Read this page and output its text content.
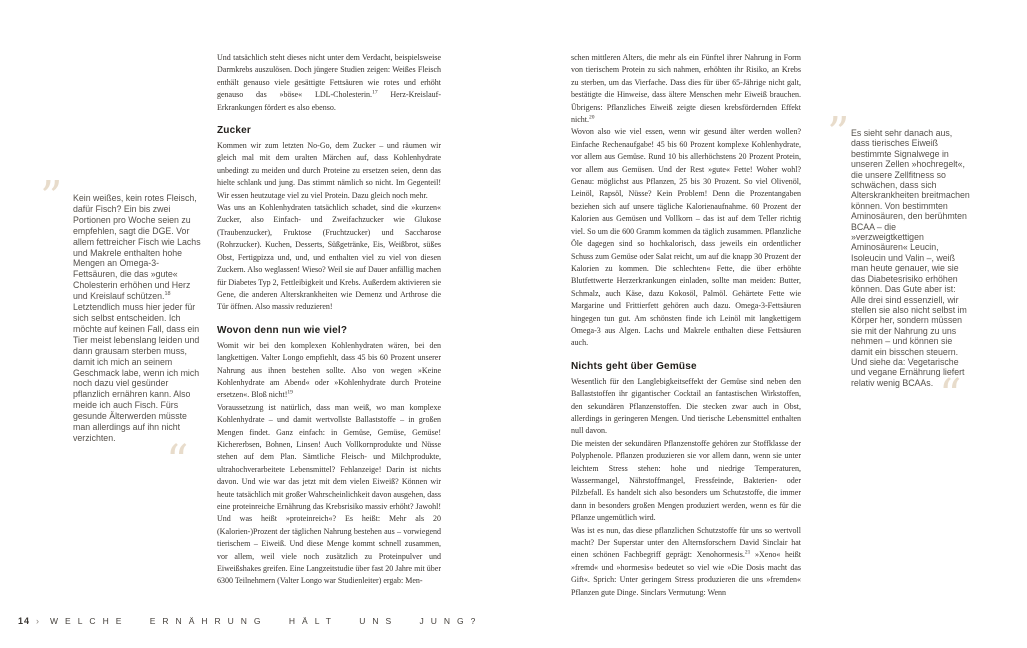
” Kein weißes, kein rotes Fleisch, dafür Fisch? Ein bis zwei Portionen pro Woche seien zu empfehlen, sagt die DGE. Vor allem fettreicher Fisch wie Lachs und Makrele enthalten hohe Mengen an Omega-3-Fettsäuren, die das »gute« Cholesterin erhöhen und Herz und Kreislauf schützen.$^{18}$ Letztendlich muss hier jeder für sich selbst entscheiden. Ich möchte auf keinen Fall, dass ein Tier meist lebenslang leiden und dann grausam sterben muss, damit ich mich an seinem Geschmack labe, wenn ich mich noch dazu viel gesünder pflanzlich ernähren kann. Also meide ich auch Fisch. Fürs gesunde Älterwerden müsste man allerdings auf ihn nicht verzichten.	“

Und tatsächlich steht dieses nicht unter dem Verdacht, beispielsweise Darmkrebs auszulösen. Doch jüngere Studien zeigen: Weißes Fleisch enthält genauso viele gesättigte Fettsäuren wie rotes und erhöht genauso das »böse« LDL-Cholesterin.$^{17}$ Herz-Kreislauf-Erkrankungen fördert es also ebenso.

Zucker

Kommen wir zum letzten No-Go, dem Zucker – und räumen wir gleich mal mit dem uralten Märchen auf, dass Kohlenhydrate unbedingt zu meiden und durch Proteine zu ersetzen seien, denn das hielte schlank und jung. Das stimmt nämlich so nicht. Im Gegenteil! Wir essen heutzutage viel zu viel Protein. Dazu gleich noch mehr.

Was uns an Kohlenhydraten tatsächlich schadet, sind die »kurzen« Zucker, also Einfach- und Zweifachzucker wie Glukose (Traubenzucker), Fruktose (Fruchtzucker) und Saccharose (Rohrzucker). Kuchen, Desserts, Süßgetränke, Eis, Weißbrot, süßes Obst, Fertigpizza und, und, und enthalten viel zu viel von diesen Zuckern. Also weglassen! Wieso? Weil sie auf Dauer anfällig machen für Diabetes Typ 2, Fettleibigkeit und Krebs. Außerdem aktivieren sie Gene, die anderen Alterskrankheiten wie Demenz und Arthrose die Tür öffnen. Also massiv reduzieren!

Wovon denn nun wie viel?

Womit wir bei den komplexen Kohlenhydraten wären, bei den langkettigen. Valter Longo empfiehlt, dass 45 bis 60 Prozent unserer Nahrung aus ihnen bestehen sollte. Also von wegen »Keine Kohlenhydrate am Abend« oder »Kohlenhydrate durch Proteine ersetzen«. Bloß nicht!$^{19}$

Voraussetzung ist natürlich, dass man weiß, wo man komplexe Kohlenhydrate – und damit wertvollste Ballaststoffe – in großen Mengen findet. Ganz einfach: in Gemüse, Gemüse, Gemüse! Kichererbsen, Bohnen, Linsen! Auch Vollkornprodukte und Nüsse stehen auf dem Plan. Sämtliche Fleisch- und Milchprodukte, ultrahochverarbeitete Lebensmittel? Fehlanzeige! Darin ist nichts davon. Und wie war das jetzt mit dem vielen Eiweiß? Können wir heute tatsächlich mit großer Wahrscheinlichkeit davon ausgehen, dass eine proteinreiche Ernährung das Krebsrisiko massiv erhöht? Jawohl! Und was heißt »proteinreich«? Es heißt: Mehr als 20 (Kalorien-)Prozent der täglichen Nahrung bestehen aus – vorwiegend tierischem – Eiweiß. Und diese Menge kommt schnell zusammen, vor allem, weil viele noch zusätzlich zu Proteinpulver und Eiweißshakes greifen. Eine Langzeitstudie über fast 20 Jahre mit über 6300 Teilnehmern (Valter Longo war Studienleiter) ergab: Men-

schen mittleren Alters, die mehr als ein Fünftel ihrer Nahrung in Form von tierischem Protein zu sich nahmen, erhöhten ihr Risiko, an Krebs zu sterben, um das Vierfache. Dass dies für über 65-Jährige nicht galt, bestätigte die Hinweise, dass ältere Menschen mehr Eiweiß brauchen. Übrigens: Pflanzliches Eiweiß zeigte diesen krebsfördernden Effekt nicht.$^{20}$

Wovon also wie viel essen, wenn wir gesund älter werden wollen? Einfache Rechenaufgabe! 45 bis 60 Prozent komplexe Kohlenhydrate, vor allem aus Gemüse. Rund 10 bis allerhöchstens 20 Prozent Protein, vor allem aus Gemüsen. Und der Rest »gute« Fette! Woher wohl? Genau: möglichst aus Pflanzen, 25 bis 30 Prozent. So viel Olivenöl, Leinöl, Rapsöl, Nüsse? Kein Problem! Denn die Prozentangaben beziehen sich auf unsere tägliche Kalorienaufnahme. 60 Prozent der Kalorien aus Gemüsen und Vollkorn – das ist auf dem Teller richtig viel. So um die 600 Gramm kommen da täglich zusammen. Pflanzliche Öle dagegen sind so hochkalorisch, dass jeweils ein ordentlicher Schuss zum Gemüse oder Salat reicht, um auf die knapp 30 Prozent der Kalorien zu kommen. Die schlechten« Fette, die über erhöhte Blutfettwerte Herzerkrankungen einladen, sollte man meiden: Butter, Schmalz, auch Käse, dazu Kokosöl, Palmöl. Gehärtete Fette wie Margarine und Frittierfett gehören auch dazu. Omega-3-Fettsäuren hingegen tun gut. Am schönsten finde ich Leinöl mit langkettigem Omega-3 aus Algen. Lachs und Makrele enthalten diese Fettsäuren auch.

Nichts geht über Gemüse

Wesentlich für den Langlebigkeitseffekt der Gemüse sind neben den Ballaststoffen ihr gigantischer Cocktail an fantastischen Wirkstoffen, den sekundären Pflanzenstoffen. Die stecken zwar auch in Obst, allerdings in geringeren Mengen. Und tierische Lebensmittel enthalten null davon.

Die meisten der sekundären Pflanzenstoffe gehören zur Stoffklasse der Polyphenole. Pflanzen produzieren sie vor allem dann, wenn sie unter leichtem Stress stehen: hohe und niedrige Temperaturen, Wassermangel, Nährstoffmangel, Fressfeinde, Bakterien- oder Pilzbefall. Es handelt sich also besonders um Schutzstoffe, die immer dann in besonders großen Mengen produziert werden, wenn es für die Pflanze ungemütlich wird.

Was ist es nun, das diese pflanzlichen Schutzstoffe für uns so wertvoll macht? Der Superstar unter den Alternsforschern David Sinclair hat einen schönen Fachbegriff geprägt: Xenohormesis.$^{21}$ »Xeno« heißt »fremd« und »hormesis« bedeutet so viel wie »Die Dosis macht das Gift«. Sprich: Unter geringem Stress produzieren die uns »fremden« Pflanzen gute Dinge. Sinclars Vermutung: Wenn

” Es sieht sehr danach aus, dass tierisches Eiweiß bestimmte Signalwege in unseren Zellen »hochregelt«, die unsere Zellfitness so schwächen, dass sich Alterskrankheiten breitmachen können. Von bestimmten Aminosäuren, den berühmten BCAA – die »verzweigtkettigen Aminosäuren« Leucin, Isoleucin und Valin –, weiß man heute genauer, wie sie das Diabetesrisiko erhöhen können. Das Gute aber ist: Alle drei sind essenziell, wir stellen sie also nicht selbst im Körper her, sondern müssen sie mit der Nahrung zu uns nehmen – und können sie damit ein bisschen steuern. Und siehe da: Vegetarische und vegane Ernährung liefert relativ wenig BCAAs. “
14 › WELCHE ERNÄHRUNG HÄLT UNS JUNG?
